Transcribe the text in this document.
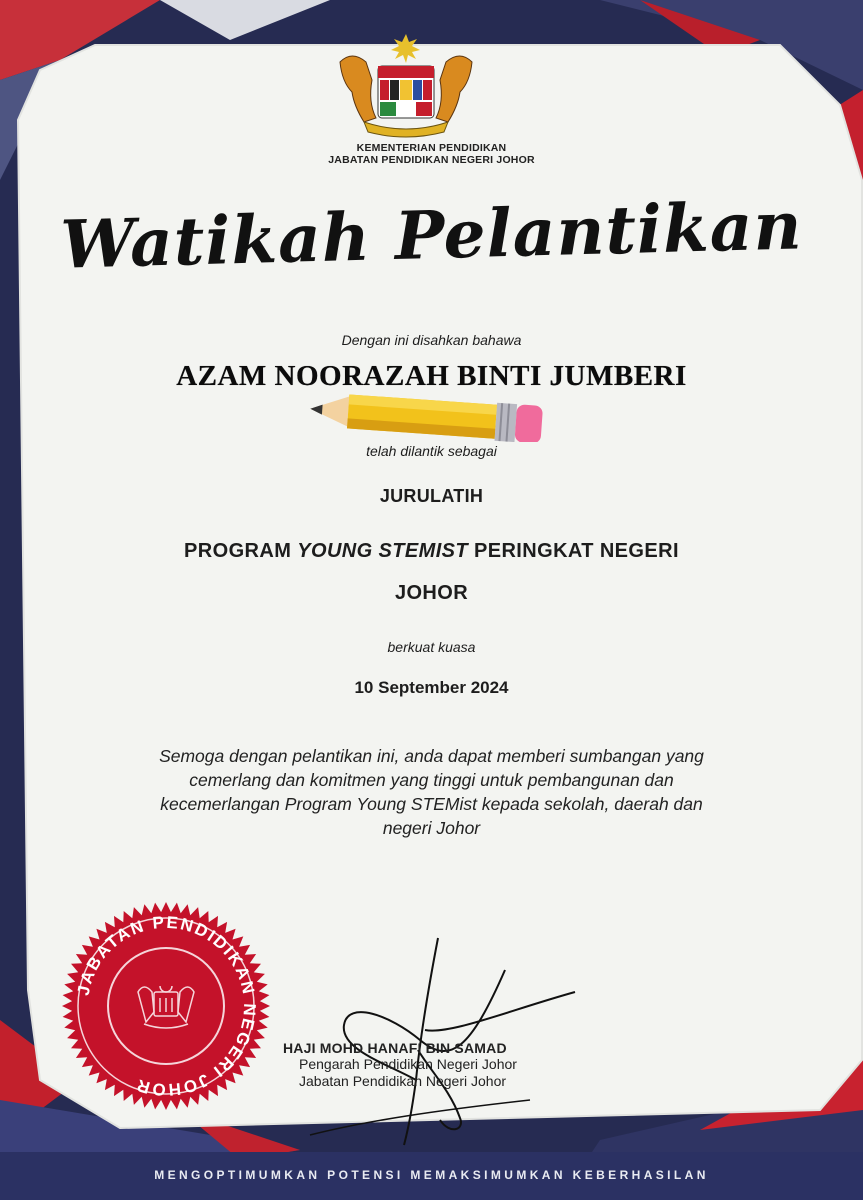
KEMENTERIAN PENDIDIKAN
JABATAN PENDIDIKAN NEGERI JOHOR
Watikah Pelantikan
Dengan ini disahkan bahawa
AZAM NOORAZAH BINTI JUMBERI
telah dilantik sebagai
JURULATIH
PROGRAM YOUNG STEMIST PERINGKAT NEGERI
JOHOR
berkuat kuasa
10 September 2024
Semoga dengan pelantikan ini, anda dapat memberi sumbangan yang
cemerlang dan komitmen yang tinggi untuk pembangunan dan
kecemerlangan Program Young STEMist kepada sekolah, daerah dan
negeri Johor
JABATAN PENDIDIKAN NEGERI JOHOR
HAJI MOHD HANAFI BIN SAMAD
Pengarah Pendidikan Negeri Johor
Jabatan Pendidikan Negeri Johor
MENGOPTIMUMKAN POTENSI MEMAKSIMUMKAN KEBERHASILAN
